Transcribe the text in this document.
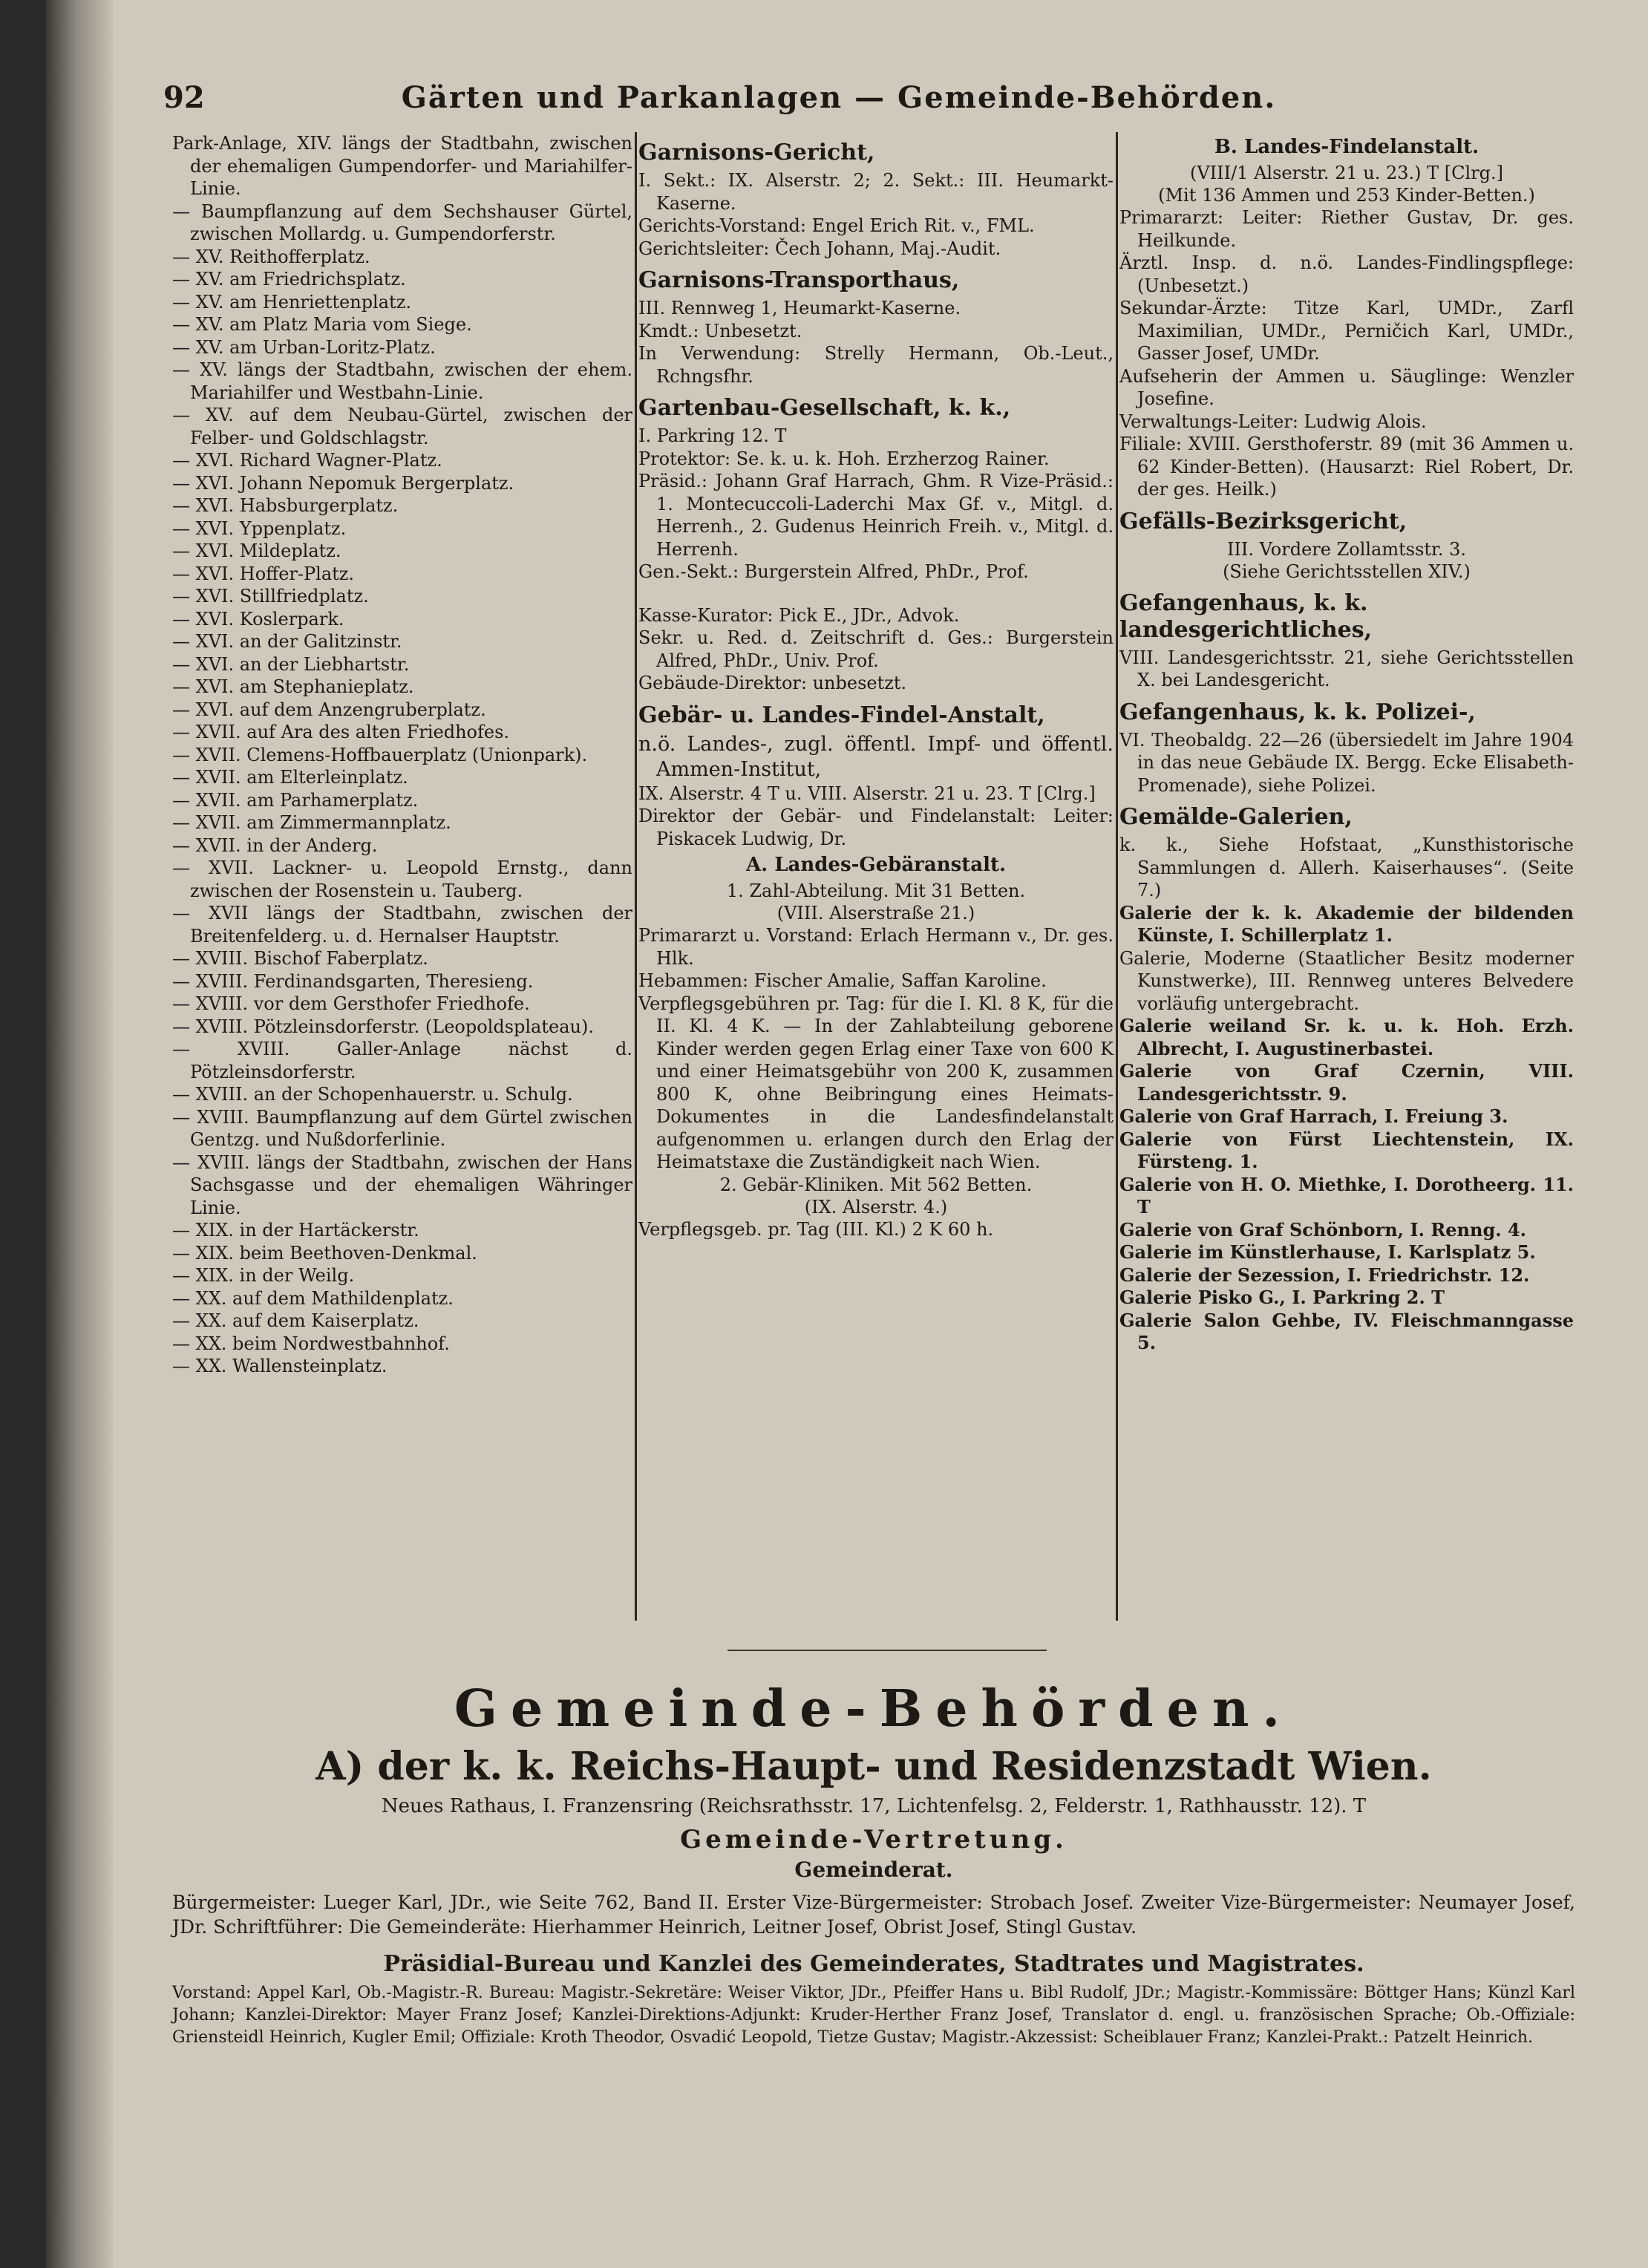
92	Gärten und Parkanlagen — Gemeinde-Behörden.

Park-Anlage, XIV. längs der Stadtbahn, zwischen der ehemaligen Gumpendorfer- und Mariahilfer-Linie.

— Baumpflanzung auf dem Sechshauser Gürtel, zwischen Mollardg. u. Gumpendorferstr.

— XV. Reithofferplatz.

— XV. am Friedrichsplatz.

— XV. am Henriettenplatz.

— XV. am Platz Maria vom Siege.

— XV. am Urban-Loritz-Platz.

— XV. längs der Stadtbahn, zwischen der ehem. Mariahilfer und Westbahn-Linie.

— XV. auf dem Neubau-Gürtel, zwischen der Felber- und Goldschlagstr.

— XVI. Richard Wagner-Platz.

— XVI. Johann Nepomuk Bergerplatz.

— XVI. Habsburgerplatz.

— XVI. Yppenplatz.

— XVI. Mildeplatz.

— XVI. Hoffer-Platz.

— XVI. Stillfriedplatz.

— XVI. Koslerpark.

— XVI. an der Galitzinstr.

— XVI. an der Liebhartstr.

— XVI. am Stephanieplatz.

— XVI. auf dem Anzengruberplatz.

— XVII. auf Ara des alten Friedhofes.

— XVII. Clemens-Hoffbauerplatz (Unionpark).

— XVII. am Elterleinplatz.

— XVII. am Parhamerplatz.

— XVII. am Zimmermannplatz.

— XVII. in der Anderg.

— XVII. Lackner- u. Leopold Ernstg., dann zwischen der Rosenstein u. Tauberg.

— XVII längs der Stadtbahn, zwischen der Breitenfelderg. u. d. Hernalser Hauptstr.

— XVIII. Bischof Faberplatz.

— XVIII. Ferdinandsgarten, Theresieng.

— XVIII. vor dem Gersthofer Friedhofe.

— XVIII. Pötzleinsdorferstr. (Leopoldsplateau).

— XVIII. Galler-Anlage nächst d. Pötzleinsdorferstr.

— XVIII. an der Schopenhauerstr. u. Schulg.

— XVIII. Baumpflanzung auf dem Gürtel zwischen Gentzg. und Nußdorferlinie.

— XVIII. längs der Stadtbahn, zwischen der Hans Sachsgasse und der ehemaligen Währinger Linie.

— XIX. in der Hartäckerstr.

— XIX. beim Beethoven-Denkmal.

— XIX. in der Weilg.

— XX. auf dem Mathildenplatz.

— XX. auf dem Kaiserplatz.

— XX. beim Nordwestbahnhof.

— XX. Wallensteinplatz.

Garnisons-Gericht,

I. Sekt.: IX. Alserstr. 2; 2. Sekt.: III. Heumarkt-Kaserne.

Gerichts-Vorstand: Engel Erich Rit. v., FML.

Gerichtsleiter: Čech Johann, Maj.-Audit.

Garnisons-Transporthaus,

III. Rennweg 1, Heumarkt-Kaserne.

Kmdt.: Unbesetzt.

In Verwendung: Strelly Hermann, Ob.-Leut., Rchngsfhr.

Gartenbau-Gesellschaft, k. k.,

I. Parkring 12. T

Protektor: Se. k. u. k. Hoh. Erzherzog Rainer.

Präsid.: Johann Graf Harrach, Ghm. R Vize-Präsid.: 1. Montecuccoli-Laderchi Max Gf. v., Mitgl. d. Herrenh., 2. Gudenus Heinrich Freih. v., Mitgl. d. Herrenh.

Gen.-Sekt.: Burgerstein Alfred, PhDr., Prof.

Kasse-Kurator: Pick E., JDr., Advok.

Sekr. u. Red. d. Zeitschrift d. Ges.: Burgerstein Alfred, PhDr., Univ. Prof.

Gebäude-Direktor: unbesetzt.

Gebär- u. Landes-Findel-Anstalt,

n.ö. Landes-, zugl. öffentl. Impf- und öffentl. Ammen-Institut,

IX. Alserstr. 4 T u. VIII. Alserstr. 21 u. 23. T [Clrg.]

Direktor der Gebär- und Findelanstalt: Leiter: Piskacek Ludwig, Dr.

A. Landes-Gebäranstalt.

1. Zahl-Abteilung. Mit 31 Betten.

(VIII. Alserstraße 21.)

Primararzt u. Vorstand: Erlach Hermann v., Dr. ges. Hlk.

Hebammen: Fischer Amalie, Saffan Karoline.

Verpflegsgebühren pr. Tag: für die I. Kl. 8 K, für die II. Kl. 4 K. — In der Zahlabteilung geborene Kinder werden gegen Erlag einer Taxe von 600 K und einer Heimatsgebühr von 200 K, zusammen 800 K, ohne Beibringung eines Heimats-Dokumentes in die Landesfindelanstalt aufgenommen u. erlangen durch den Erlag der Heimatstaxe die Zuständigkeit nach Wien.

2. Gebär-Kliniken. Mit 562 Betten.

(IX. Alserstr. 4.)

Verpflegsgeb. pr. Tag (III. Kl.) 2 K 60 h.

B. Landes-Findelanstalt.

(VIII/1 Alserstr. 21 u. 23.) T [Clrg.]

(Mit 136 Ammen und 253 Kinder-Betten.)

Primararzt: Leiter: Riether Gustav, Dr. ges. Heilkunde.

Ärztl. Insp. d. n.ö. Landes-Findlingspflege: (Unbesetzt.)

Sekundar-Ärzte: Titze Karl, UMDr., Zarfl Maximilian, UMDr., Perničich Karl, UMDr., Gasser Josef, UMDr.

Aufseherin der Ammen u. Säuglinge: Wenzler Josefine.

Verwaltungs-Leiter: Ludwig Alois.

Filiale: XVIII. Gersthoferstr. 89 (mit 36 Ammen u. 62 Kinder-Betten). (Hausarzt: Riel Robert, Dr. der ges. Heilk.)

Gefälls-Bezirksgericht,

III. Vordere Zollamtsstr. 3.

(Siehe Gerichtsstellen XIV.)

Gefangenhaus, k. k. landesgerichtliches,

VIII. Landesgerichtsstr. 21, siehe Gerichtsstellen X. bei Landesgericht.

Gefangenhaus, k. k. Polizei-,

VI. Theobaldg. 22—26 (übersiedelt im Jahre 1904 in das neue Gebäude IX. Bergg. Ecke Elisabeth-Promenade), siehe Polizei.

Gemälde-Galerien,

k. k., Siehe Hofstaat, „Kunsthistorische Sammlungen d. Allerh. Kaiserhauses“. (Seite 7.)

Galerie der k. k. Akademie der bildenden Künste, I. Schillerplatz 1.

Galerie, Moderne (Staatlicher Besitz moderner Kunstwerke), III. Rennweg unteres Belvedere vorläufig untergebracht.

Galerie weiland Sr. k. u. k. Hoh. Erzh. Albrecht, I. Augustinerbastei.

Galerie von Graf Czernin, VIII. Landesgerichtsstr. 9.

Galerie von Graf Harrach, I. Freiung 3.

Galerie von Fürst Liechtenstein, IX. Fürsteng. 1.

Galerie von H. O. Miethke, I. Dorotheerg. 11. T

Galerie von Graf Schönborn, I. Renng. 4.

Galerie im Künstlerhause, I. Karlsplatz 5.

Galerie der Sezession, I. Friedrichstr. 12.

Galerie Pisko G., I. Parkring 2. T

Galerie Salon Gehbe, IV. Fleischmanngasse 5.

Gemeinde-Behörden.

A) der k. k. Reichs-Haupt- und Residenzstadt Wien.

Neues Rathaus, I. Franzensring (Reichsrathsstr. 17, Lichtenfelsg. 2, Felderstr. 1, Rathhausstr. 12). T

Gemeinde-Vertretung.

Gemeinderat.

Bürgermeister: Lueger Karl, JDr., wie Seite 762, Band II. Erster Vize-Bürgermeister: Strobach Josef. Zweiter Vize-Bürgermeister: Neumayer Josef, JDr. Schriftführer: Die Gemeinderäte: Hierhammer Heinrich, Leitner Josef, Obrist Josef, Stingl Gustav.

Präsidial-Bureau und Kanzlei des Gemeinderates, Stadtrates und Magistrates.

Vorstand: Appel Karl, Ob.-Magistr.-R. Bureau: Magistr.-Sekretäre: Weiser Viktor, JDr., Pfeiffer Hans u. Bibl Rudolf, JDr.; Magistr.-Kommissäre: Böttger Hans; Künzl Karl Johann; Kanzlei-Direktor: Mayer Franz Josef; Kanzlei-Direktions-Adjunkt: Kruder-Herther Franz Josef, Translator d. engl. u. französischen Sprache; Ob.-Offiziale: Griensteidl Heinrich, Kugler Emil; Offiziale: Kroth Theodor, Osvadić Leopold, Tietze Gustav; Magistr.-Akzessist: Scheiblauer Franz; Kanzlei-Prakt.: Patzelt Heinrich.
